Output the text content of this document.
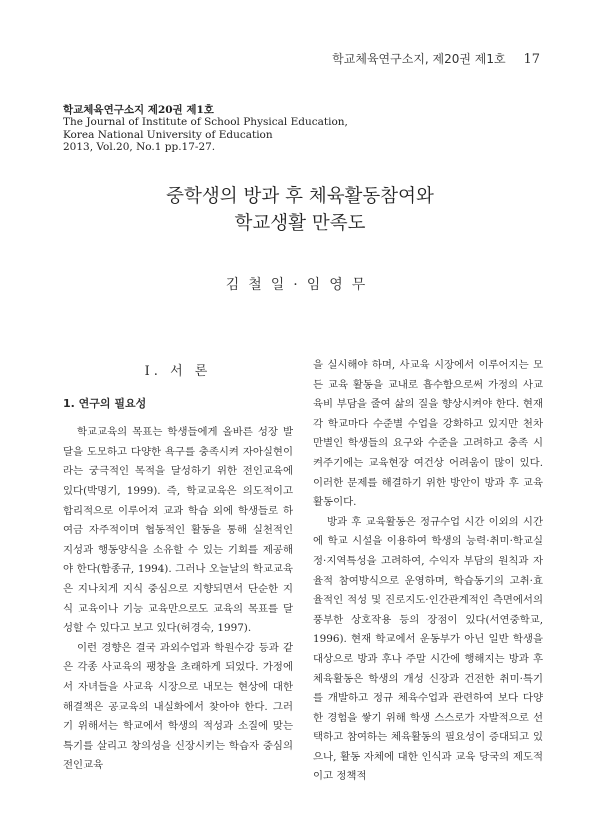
학교체육연구소지, 제20권 제1호 17
학교체육연구소지 제20권 제1호
The Journal of Institute of School Physical Education,
Korea National University of Education
2013, Vol.20, No.1 pp.17-27.
중학생의 방과 후 체육활동참여와
학교생활 만족도
김철일·임영무
Ⅰ. 서 론
1. 연구의 필요성

학교교육의 목표는 학생들에게 올바른 성장 발달을 도모하고 다양한 욕구를 충족시켜 자아실현이라는 궁극적인 목적을 달성하기 위한 전인교육에 있다(박명기, 1999). 즉, 학교교육은 의도적이고 합리적으로 이루어져 교과 학습 외에 학생들로 하여금 자주적이며 협동적인 활동을 통해 실천적인 지성과 행동양식을 소유할 수 있는 기회를 제공해야 한다(함종규, 1994). 그러나 오늘날의 학교교육은 지나치게 지식 중심으로 지향되면서 단순한 지식 교육이나 기능 교육만으로도 교육의 목표를 달성할 수 있다고 보고 있다(허경숙, 1997).

이런 경향은 결국 과외수업과 학원수강 등과 같은 각종 사교육의 팽창을 초래하게 되었다. 가정에서 자녀들을 사교육 시장으로 내모는 현상에 대한 해결책은 공교육의 내실화에서 찾아야 한다. 그러기 위해서는 학교에서 학생의 적성과 소질에 맞는 특기를 살리고 창의성을 신장시키는 학습자 중심의 전인교육

을 실시해야 하며, 사교육 시장에서 이루어지는 모든 교육 활동을 교내로 흡수함으로써 가정의 사교육비 부담을 줄여 삶의 질을 향상시켜야 한다. 현재 각 학교마다 수준별 수업을 강화하고 있지만 천차만별인 학생들의 요구와 수준을 고려하고 충족 시켜주기에는 교육현장 여건상 어려움이 많이 있다. 이러한 문제를 해결하기 위한 방안이 방과 후 교육활동이다.

방과 후 교육활동은 정규수업 시간 이외의 시간에 학교 시설을 이용하여 학생의 능력·취미·학교실정·지역특성을 고려하여, 수익자 부담의 원칙과 자율적 참여방식으로 운영하며, 학습동기의 고취·효율적인 적성 및 진로지도·인간관계적인 측면에서의 풍부한 상호작용 등의 장점이 있다(서연중학교, 1996). 현재 학교에서 운동부가 아닌 일반 학생을 대상으로 방과 후나 주말 시간에 행해지는 방과 후 체육활동은 학생의 개성 신장과 건전한 취미·특기를 개발하고 정규 체육수업과 관련하여 보다 다양한 경험을 쌓기 위해 학생 스스로가 자발적으로 선택하고 참여하는 체육활동의 필요성이 증대되고 있으나, 활동 자체에 대한 인식과 교육 당국의 제도적이고 정책적
